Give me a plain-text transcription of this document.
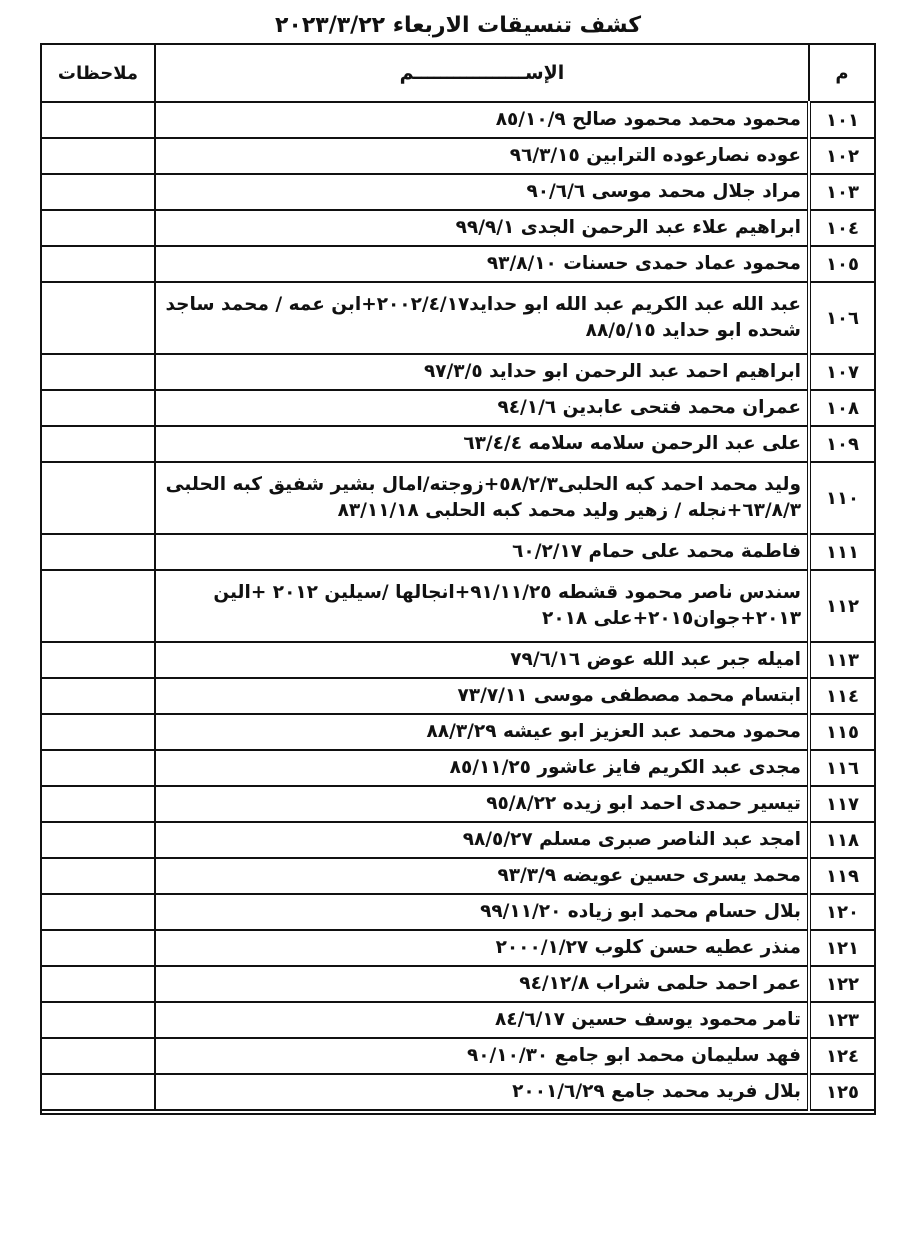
كشف تنسيقات الاربعاء ٢٠٢٣/٣/٢٢
م	الإســـــــــــــــــم	ملاحظات
١٠١	محمود محمد محمود صالح ٨٥/١٠/٩	
١٠٢	عوده نصارعوده الترابين ٩٦/٣/١٥	
١٠٣	مراد جلال محمد موسى ٩٠/٦/٦	
١٠٤	ابراهيم علاء عبد الرحمن الجدى ٩٩/٩/١	
١٠٥	محمود عماد حمدى حسنات ٩٣/٨/١٠	
١٠٦	عبد الله عبد الكريم عبد الله ابو حدايد٢٠٠٢/٤/١٧+ابن عمه / محمد ساجد شحده ابو حدايد ٨٨/٥/١٥	
١٠٧	ابراهيم احمد عبد الرحمن ابو حدايد ٩٧/٣/٥	
١٠٨	عمران محمد فتحى عابدين ٩٤/١/٦	
١٠٩	على عبد الرحمن سلامه سلامه ٦٣/٤/٤	
١١٠	وليد محمد احمد كبه الحلبى٥٨/٢/٣+زوجته/امال بشير شفيق كبه الحلبى ٦٣/٨/٣+نجله / زهير وليد محمد كبه الحلبى ٨٣/١١/١٨	
١١١	فاطمة محمد على حمام ٦٠/٢/١٧	
١١٢	سندس ناصر محمود قشطه ٩١/١١/٢٥+انجالها /سيلين ٢٠١٢ +الين ٢٠١٣+جوان٢٠١٥+على ٢٠١٨	
١١٣	اميله جبر عبد الله عوض ٧٩/٦/١٦	
١١٤	ابتسام محمد مصطفى موسى ٧٣/٧/١١	
١١٥	محمود محمد عبد العزيز ابو عيشه ٨٨/٣/٢٩	
١١٦	مجدى عبد الكريم فايز عاشور ٨٥/١١/٢٥	
١١٧	تيسير حمدى احمد ابو زيده ٩٥/٨/٢٢	
١١٨	امجد عبد الناصر صبرى مسلم ٩٨/٥/٢٧	
١١٩	محمد يسرى حسين عويضه ٩٣/٣/٩	
١٢٠	بلال حسام محمد ابو زياده ٩٩/١١/٢٠	
١٢١	منذر عطيه حسن كلوب ٢٠٠٠/١/٢٧	
١٢٢	عمر احمد حلمى شراب ٩٤/١٢/٨	
١٢٣	تامر محمود يوسف حسين ٨٤/٦/١٧	
١٢٤	فهد سليمان محمد ابو جامع ٩٠/١٠/٣٠	
١٢٥	بلال فريد محمد جامع ٢٠٠١/٦/٢٩	
